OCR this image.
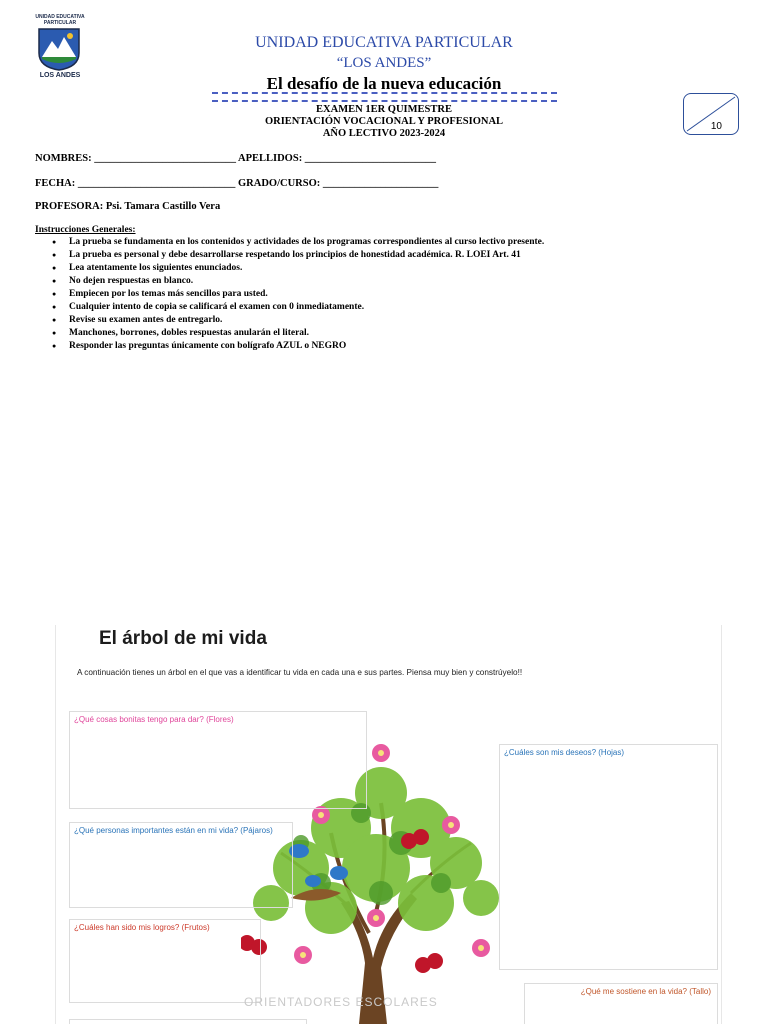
UNIDAD EDUCATIVA PARTICULAR
LOS ANDES
UNIDAD EDUCATIVA PARTICULAR
“LOS ANDES”
El desafío de la nueva educación
EXAMEN 1ER QUIMESTRE
ORIENTACIÓN VOCACIONAL Y PROFESIONAL
AÑO LECTIVO 2023-2024
10
NOMBRES: ___________________________ APELLIDOS: _________________________
FECHA: ______________________________ GRADO/CURSO: ______________________
PROFESORA: Psi. Tamara Castillo Vera
Instrucciones Generales:
● La prueba se fundamenta en los contenidos y actividades de los programas correspondientes al curso lectivo presente.
● La prueba es personal y debe desarrollarse respetando los principios de honestidad académica. R. LOEI Art. 41
● Lea atentamente los siguientes enunciados.
● No dejen respuestas en blanco.
● Empiecen por los temas más sencillos para usted.
● Cualquier intento de copia se calificará el examen con 0 inmediatamente.
● Revise su examen antes de entregarlo.
● Manchones, borrones, dobles respuestas anularán el literal.
● Responder las preguntas únicamente con bolígrafo AZUL o NEGRO
El árbol de mi vida
A continuación tienes un árbol en el que vas a identificar tu vida en cada una e sus partes. Piensa muy bien y constrúyelo!!
¿Qué cosas bonitas tengo para dar? (Flores)
¿Cuáles son mis deseos? (Hojas)
¿Qué personas importantes están en mi vida? (Pájaros)
¿Cuáles han sido mis logros? (Frutos)
¿Qué me sostiene en la vida? (Tallo)
ORIENTADORES ESCOLARES
